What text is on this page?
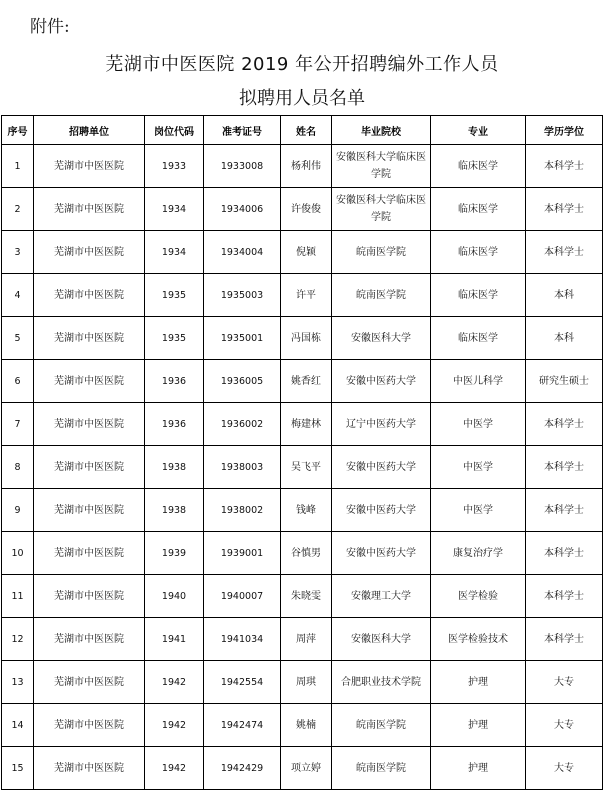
附件:
芜湖市中医医院 2019 年公开招聘编外工作人员
拟聘用人员名单
序号	招聘单位	岗位代码	准考证号	姓名	毕业院校	专业	学历学位
1	芜湖市中医医院	1933	1933008	杨利伟	安徽医科大学临床医学院	临床医学	本科学士
2	芜湖市中医医院	1934	1934006	许俊俊	安徽医科大学临床医学院	临床医学	本科学士
3	芜湖市中医医院	1934	1934004	倪颖	皖南医学院	临床医学	本科学士
4	芜湖市中医医院	1935	1935003	许平	皖南医学院	临床医学	本科
5	芜湖市中医医院	1935	1935001	冯国栋	安徽医科大学	临床医学	本科
6	芜湖市中医医院	1936	1936005	姚香红	安徽中医药大学	中医儿科学	研究生硕士
7	芜湖市中医医院	1936	1936002	梅建林	辽宁中医药大学	中医学	本科学士
8	芜湖市中医医院	1938	1938003	吴飞平	安徽中医药大学	中医学	本科学士
9	芜湖市中医医院	1938	1938002	钱峰	安徽中医药大学	中医学	本科学士
10	芜湖市中医医院	1939	1939001	谷慎男	安徽中医药大学	康复治疗学	本科学士
11	芜湖市中医医院	1940	1940007	朱晓雯	安徽理工大学	医学检验	本科学士
12	芜湖市中医医院	1941	1941034	周萍	安徽医科大学	医学检验技术	本科学士
13	芜湖市中医医院	1942	1942554	周琪	合肥职业技术学院	护理	大专
14	芜湖市中医医院	1942	1942474	姚楠	皖南医学院	护理	大专
15	芜湖市中医医院	1942	1942429	项立婷	皖南医学院	护理	大专
